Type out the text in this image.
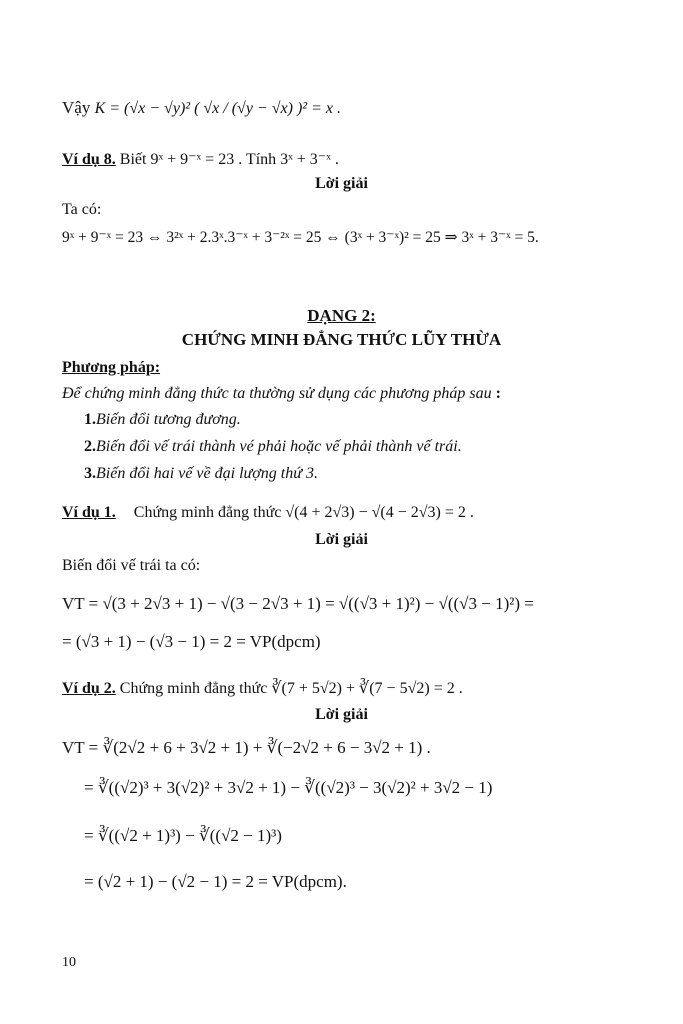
Vậy K = (√x − √y)² ( √x / (√y − √x) )² = x .
Ví dụ 8. Biết 9ˣ + 9⁻ˣ = 23 . Tính 3ˣ + 3⁻ˣ .
Lời giải
Ta có:
9ˣ + 9⁻ˣ = 23 ⇔ 3²ˣ + 2.3ˣ.3⁻ˣ + 3⁻²ˣ = 25 ⇔ (3ˣ + 3⁻ˣ)² = 25 ⇒ 3ˣ + 3⁻ˣ = 5.
DẠNG 2:
CHỨNG MINH ĐẲNG THỨC LŨY THỪA
Phương pháp:
Để chứng minh đẳng thức ta thường sử dụng các phương pháp sau :
1.Biến đổi tương đương.
2.Biến đổi vế trái thành vé phải hoặc vế phải thành vế trái.
3.Biến đổi hai vế về đại lượng thứ 3.
Ví dụ 1. Chứng minh đẳng thức √(4 + 2√3) − √(4 − 2√3) = 2 .
Lời giải
Biến đổi vế trái ta có:
VT = √(3 + 2√3 + 1) − √(3 − 2√3 + 1) = √((√3 + 1)²) − √((√3 − 1)²) =
= (√3 + 1) − (√3 − 1) = 2 = VP(dpcm)
Ví dụ 2. Chứng minh đẳng thức ∛(7 + 5√2) + ∛(7 − 5√2) = 2 .
Lời giải
VT = ∛(2√2 + 6 + 3√2 + 1) + ∛(−2√2 + 6 − 3√2 + 1) .
= ∛((√2)³ + 3(√2)² + 3√2 + 1) − ∛((√2)³ − 3(√2)² + 3√2 − 1)
= ∛((√2 + 1)³) − ∛((√2 − 1)³)
= (√2 + 1) − (√2 − 1) = 2 = VP(dpcm).
10
